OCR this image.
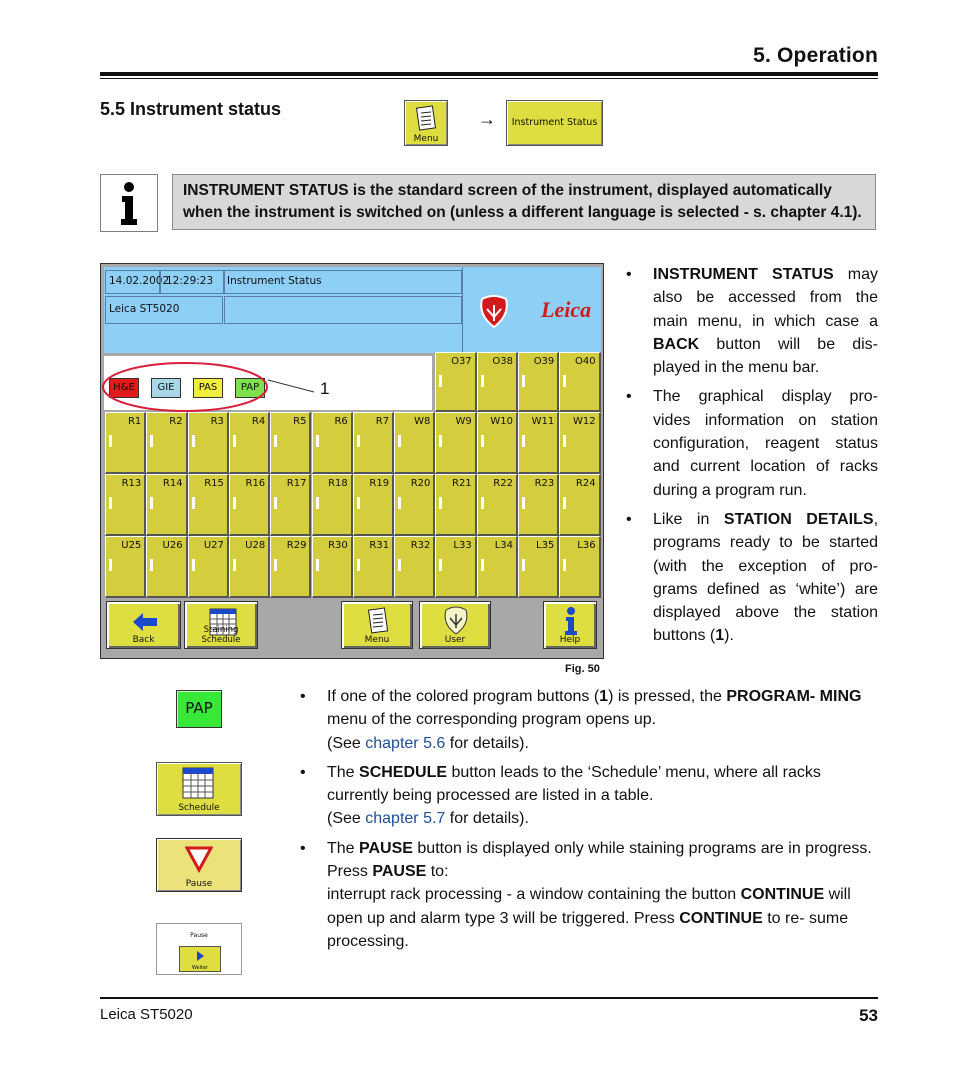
5. Operation
5.5 Instrument status
Menu
→	Instrument Status
INSTRUMENT STATUS is the standard screen of the instrument, displayed automatically when the instrument is switched on (unless a different language is selected - s. chapter 4.1).
14.02.2002
12:29:23 Instrument Status
Leica ST5020	Leica
H&E	GIE	PAS	PAP	1
O37 O38 O39 O40
R1	R2	R3	R4	R5	R6	R7	W8	W9 W10 W11 W12
R13 R14 R15 R16 R17 R18 R19 R20 R21 R22 R23 R24
U25 U26 U27 U28 R29 R30 R31 R32 L33 L34 L35 L36
Back
Staining Schedule	Menu	User	Help
Fig. 50
• INSTRUMENT STATUS may also be accessed from the main menu, in which case a BACK button will be dis- played in the menu bar.
• The graphical display pro- vides information on station configuration, reagent status and current location of racks during a program run.
• Like in STATION DETAILS, programs ready to be started (with the exception of pro- grams defined as ‘white’) are displayed above the station buttons (1).
PAP
Schedule
Pause
Pause
Weiter
• If one of the colored program buttons (1) is pressed, the PROGRAM- MING menu of the corresponding program opens up.
(See chapter 5.6 for details).
• The SCHEDULE button leads to the ‘Schedule’ menu, where all racks currently being processed are listed in a table.
(See chapter 5.7 for details).
• The PAUSE button is displayed only while staining programs are in progress.
Press PAUSE to:
interrupt rack processing - a window containing the button CONTINUE will open up and alarm type 3 will be triggered. Press CONTINUE to re- sume processing.
Leica ST5020	53
